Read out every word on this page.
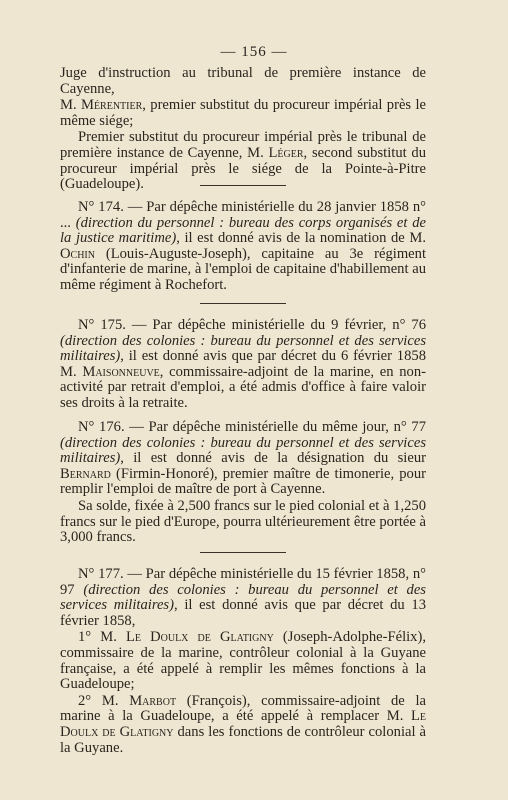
— 156 —

Juge d'instruction au tribunal de première instance de Cayenne,

M. Mérentier, premier substitut du procureur impérial près le même siége;

Premier substitut du procureur impérial près le tribunal de première instance de Cayenne, M. Léger, second substitut du procureur impérial près le siége de la Pointe-à-Pitre (Guadeloupe).

N° 174. — Par dépêche ministérielle du 28 janvier 1858 n° ... (direction du personnel : bureau des corps organisés et de la justice maritime), il est donné avis de la nomination de M. Ochin (Louis-Auguste-Joseph), capitaine au 3e régiment d'infanterie de marine, à l'emploi de capitaine d'habillement au même régiment à Rochefort.

N° 175. — Par dépêche ministérielle du 9 février, n° 76 (direction des colonies : bureau du personnel et des services militaires), il est donné avis que par décret du 6 février 1858 M. Maisonneuve, commissaire-adjoint de la marine, en non-activité par retrait d'emploi, a été admis d'office à faire valoir ses droits à la retraite.

N° 176. — Par dépêche ministérielle du même jour, n° 77 (direction des colonies : bureau du personnel et des services militaires), il est donné avis de la désignation du sieur Bernard (Firmin-Honoré), premier maître de timonerie, pour remplir l'emploi de maître de port à Cayenne.

Sa solde, fixée à 2,500 francs sur le pied colonial et à 1,250 francs sur le pied d'Europe, pourra ultérieurement être portée à 3,000 francs.

N° 177. — Par dépêche ministérielle du 15 février 1858, n° 97 (direction des colonies : bureau du personnel et des services militaires), il est donné avis que par décret du 13 février 1858,

1° M. Le Doulx de Glatigny (Joseph-Adolphe-Félix), commissaire de la marine, contrôleur colonial à la Guyane française, a été appelé à remplir les mêmes fonctions à la Guadeloupe;

2° M. Marbot (François), commissaire-adjoint de la marine à la Guadeloupe, a été appelé à remplacer M. Le Doulx de Glatigny dans les fonctions de contrôleur colonial à la Guyane.
